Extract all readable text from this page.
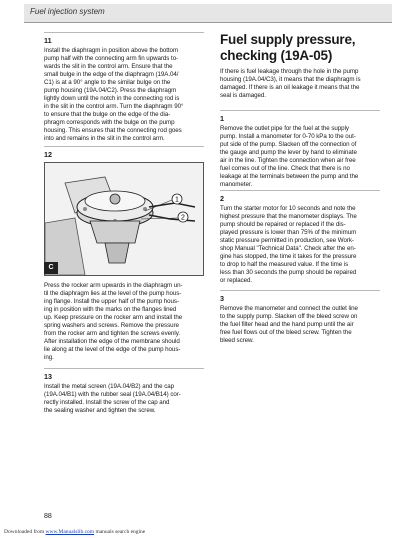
Fuel injection system
11

Install the diaphragm in position above the bottom
pump half with the connecting arm fin upwards to-
wards the slit in the control arm. Ensure that the
small bulge in the edge of the diaphragm (19A.04/
C1) is at a 90° angle to the similar bulge on the
pump housing (19A.04/C2). Press the diaphragm
lightly down until the notch in the connecting rod is
in the slit in the control arm. Turn the diaphragm 90°
to ensure that the bulge on the edge of the dia-
phragm corresponds with the bulge on the pump
housing. This ensures that the connecting rod goes
into and remains in the slit in the control arm.

12
1
2
C

Press the rocker arm upwards in the diaphragm un-
til the diaphragm lies at the level of the pump hous-
ing flange. Install the upper half of the pump hous-
ing in position with the marks on the flanges lined
up. Keep pressure on the rocker arm and install the
spring washers and screws. Remove the pressure
from the rocker arm and tighten the screws evenly.
After installation the edge of the membrane should
lie along at the level of the edge of the pump hous-
ing.

13

Install the metal screen (19A.04/B2) and the cap
(19A.04/B1) with the rubber seal (19A.04/B14) cor-
rectly installed. Install the screw of the cap and
the sealing washer and tighten the screw.

Fuel supply pressure,
checking (19A-05)

If there is fuel leakage through the hole in the pump
housing (19A.04/C3), it means that the diaphragm is
damaged. If there is an oil leakage it means that the
seal is damaged.

1

Remove the outlet pipe for the fuel at the supply
pump. Install a manometer for 0-70 kPa to the out-
put side of the pump. Slacken off the connection of
the gauge and pump the lever by hand to eliminate
air in the line. Tighten the connection when air free
fuel comes out of the line. Check that there is no
leakage at the terminals between the pump and the
manometer.

2

Turn the starter motor for 10 seconds and note the
highest pressure that the manometer displays. The
pump should be repaired or replaced if the dis-
played pressure is lower than 75% of the minimum
static pressure permitted in production, see Work-
shop Manual "Technical Data". Check after the en-
gine has stopped, the time it takes for the pressure
to drop to half the measured value. If the time is
less than 30 seconds the pump should be repaired
or replaced.

3

Remove the manometer and connect the outlet line
to the supply pump. Slacken off the bleed screw on
the fuel filter head and the hand pump until the air
free fuel flows out of the bleed screw. Tighten the
bleed screw.

88
Downloaded from www.Manualslib.com manuals search engine
